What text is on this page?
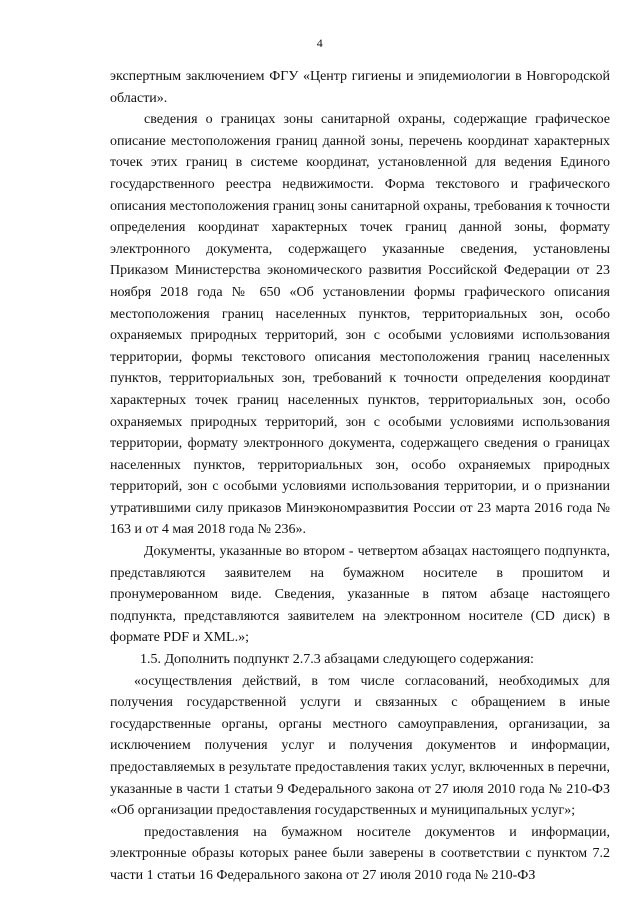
4

экспертным заключением ФГУ «Центр гигиены и эпидемиологии в Новгородской области».

сведения о границах зоны санитарной охраны, содержащие графическое описание местоположения границ данной зоны, перечень координат характерных точек этих границ в системе координат, установленной для ведения Единого государственного реестра недвижимости. Форма текстового и графического описания местоположения границ зоны санитарной охраны, требования к точности определения координат характерных точек границ данной зоны, формату электронного документа, содержащего указанные сведения, установлены Приказом Министерства экономического развития Российской Федерации от 23 ноября 2018 года № 650 «Об установлении формы графического описания местоположения границ населенных пунктов, территориальных зон, особо охраняемых природных территорий, зон с особыми условиями использования территории, формы текстового описания местоположения границ населенных пунктов, территориальных зон, требований к точности определения координат характерных точек границ населенных пунктов, территориальных зон, особо охраняемых природных территорий, зон с особыми условиями использования территории, формату электронного документа, содержащего сведения о границах населенных пунктов, территориальных зон, особо охраняемых природных территорий, зон с особыми условиями использования территории, и о признании утратившими силу приказов Минэкономразвития России от 23 марта 2016 года № 163 и от 4 мая 2018 года № 236».

Документы, указанные во втором - четвертом абзацах настоящего подпункта, представляются заявителем на бумажном носителе в прошитом и пронумерованном виде. Сведения, указанные в пятом абзаце настоящего подпункта, представляются заявителем на электронном носителе (CD диск) в формате PDF и XML.»;

1.5. Дополнить подпункт 2.7.3 абзацами следующего содержания:

«осуществления действий, в том числе согласований, необходимых для получения государственной услуги и связанных с обращением в иные государственные органы, органы местного самоуправления, организации, за исключением получения услуг и получения документов и информации, предоставляемых в результате предоставления таких услуг, включенных в перечни, указанные в части 1 статьи 9 Федерального закона от 27 июля 2010 года № 210-ФЗ «Об организации предоставления государственных и муниципальных услуг»;

предоставления на бумажном носителе документов и информации, электронные образы которых ранее были заверены в соответствии с пунктом 7.2 части 1 статьи 16 Федерального закона от 27 июля 2010 года № 210-ФЗ
